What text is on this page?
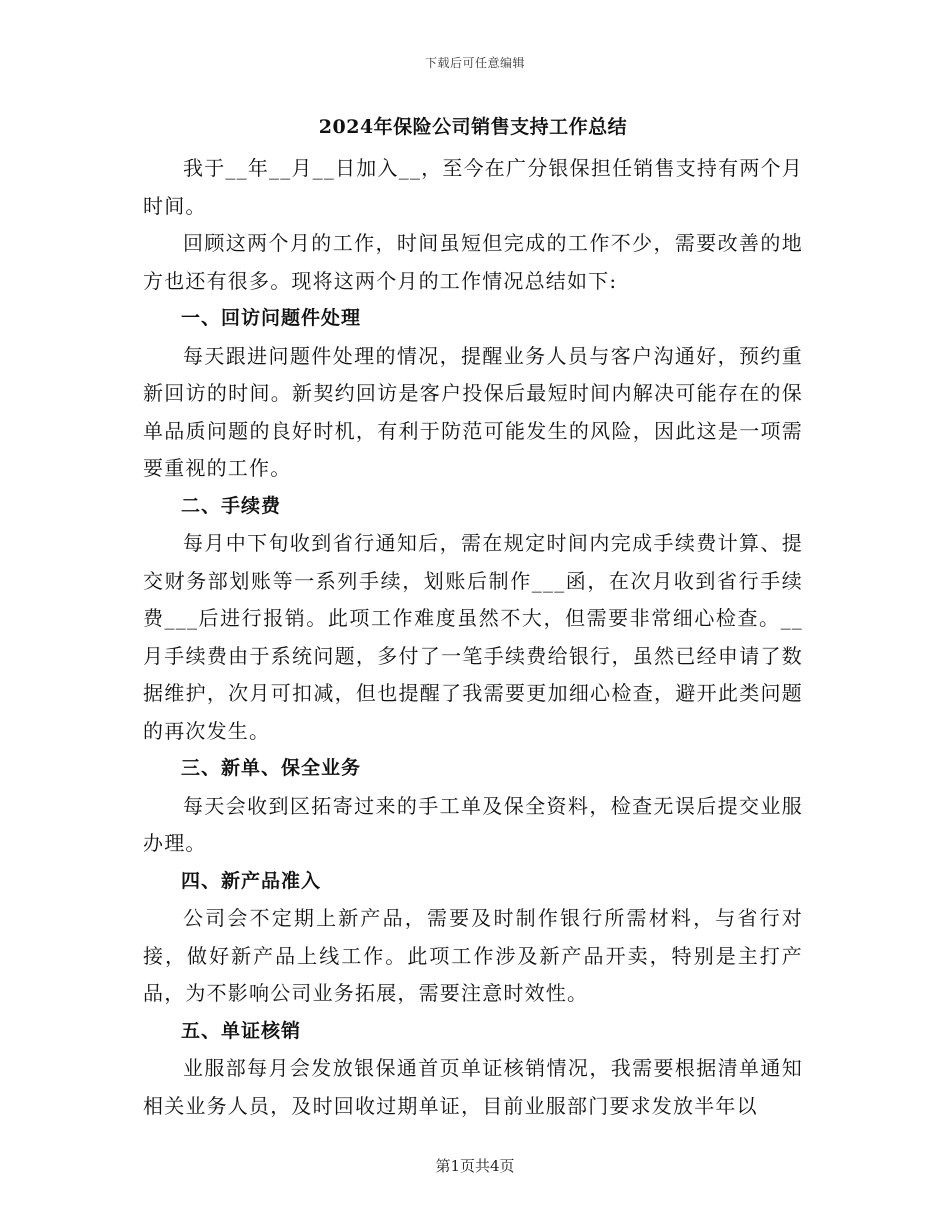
下载后可任意编辑
2024年保险公司销售支持工作总结

我于__年__月__日加入__，至今在广分银保担任销售支持有两个月时间。

回顾这两个月的工作，时间虽短但完成的工作不少，需要改善的地方也还有很多。现将这两个月的工作情况总结如下:

一、回访问题件处理

每天跟进问题件处理的情况，提醒业务人员与客户沟通好，预约重新回访的时间。新契约回访是客户投保后最短时间内解决可能存在的保单品质问题的良好时机，有利于防范可能发生的风险，因此这是一项需要重视的工作。

二、手续费

每月中下旬收到省行通知后，需在规定时间内完成手续费计算、提交财务部划账等一系列手续，划账后制作___函，在次月收到省行手续费___后进行报销。此项工作难度虽然不大，但需要非常细心检查。__月手续费由于系统问题，多付了一笔手续费给银行，虽然已经申请了数据维护，次月可扣减，但也提醒了我需要更加细心检查，避开此类问题的再次发生。

三、新单、保全业务

每天会收到区拓寄过来的手工单及保全资料，检查无误后提交业服办理。

四、新产品准入

公司会不定期上新产品，需要及时制作银行所需材料，与省行对接，做好新产品上线工作。此项工作涉及新产品开卖，特别是主打产品，为不影响公司业务拓展，需要注意时效性。

五、单证核销

业服部每月会发放银保通首页单证核销情况，我需要根据清单通知相关业务人员，及时回收过期单证，目前业服部门要求发放半年以

第1页共4页
